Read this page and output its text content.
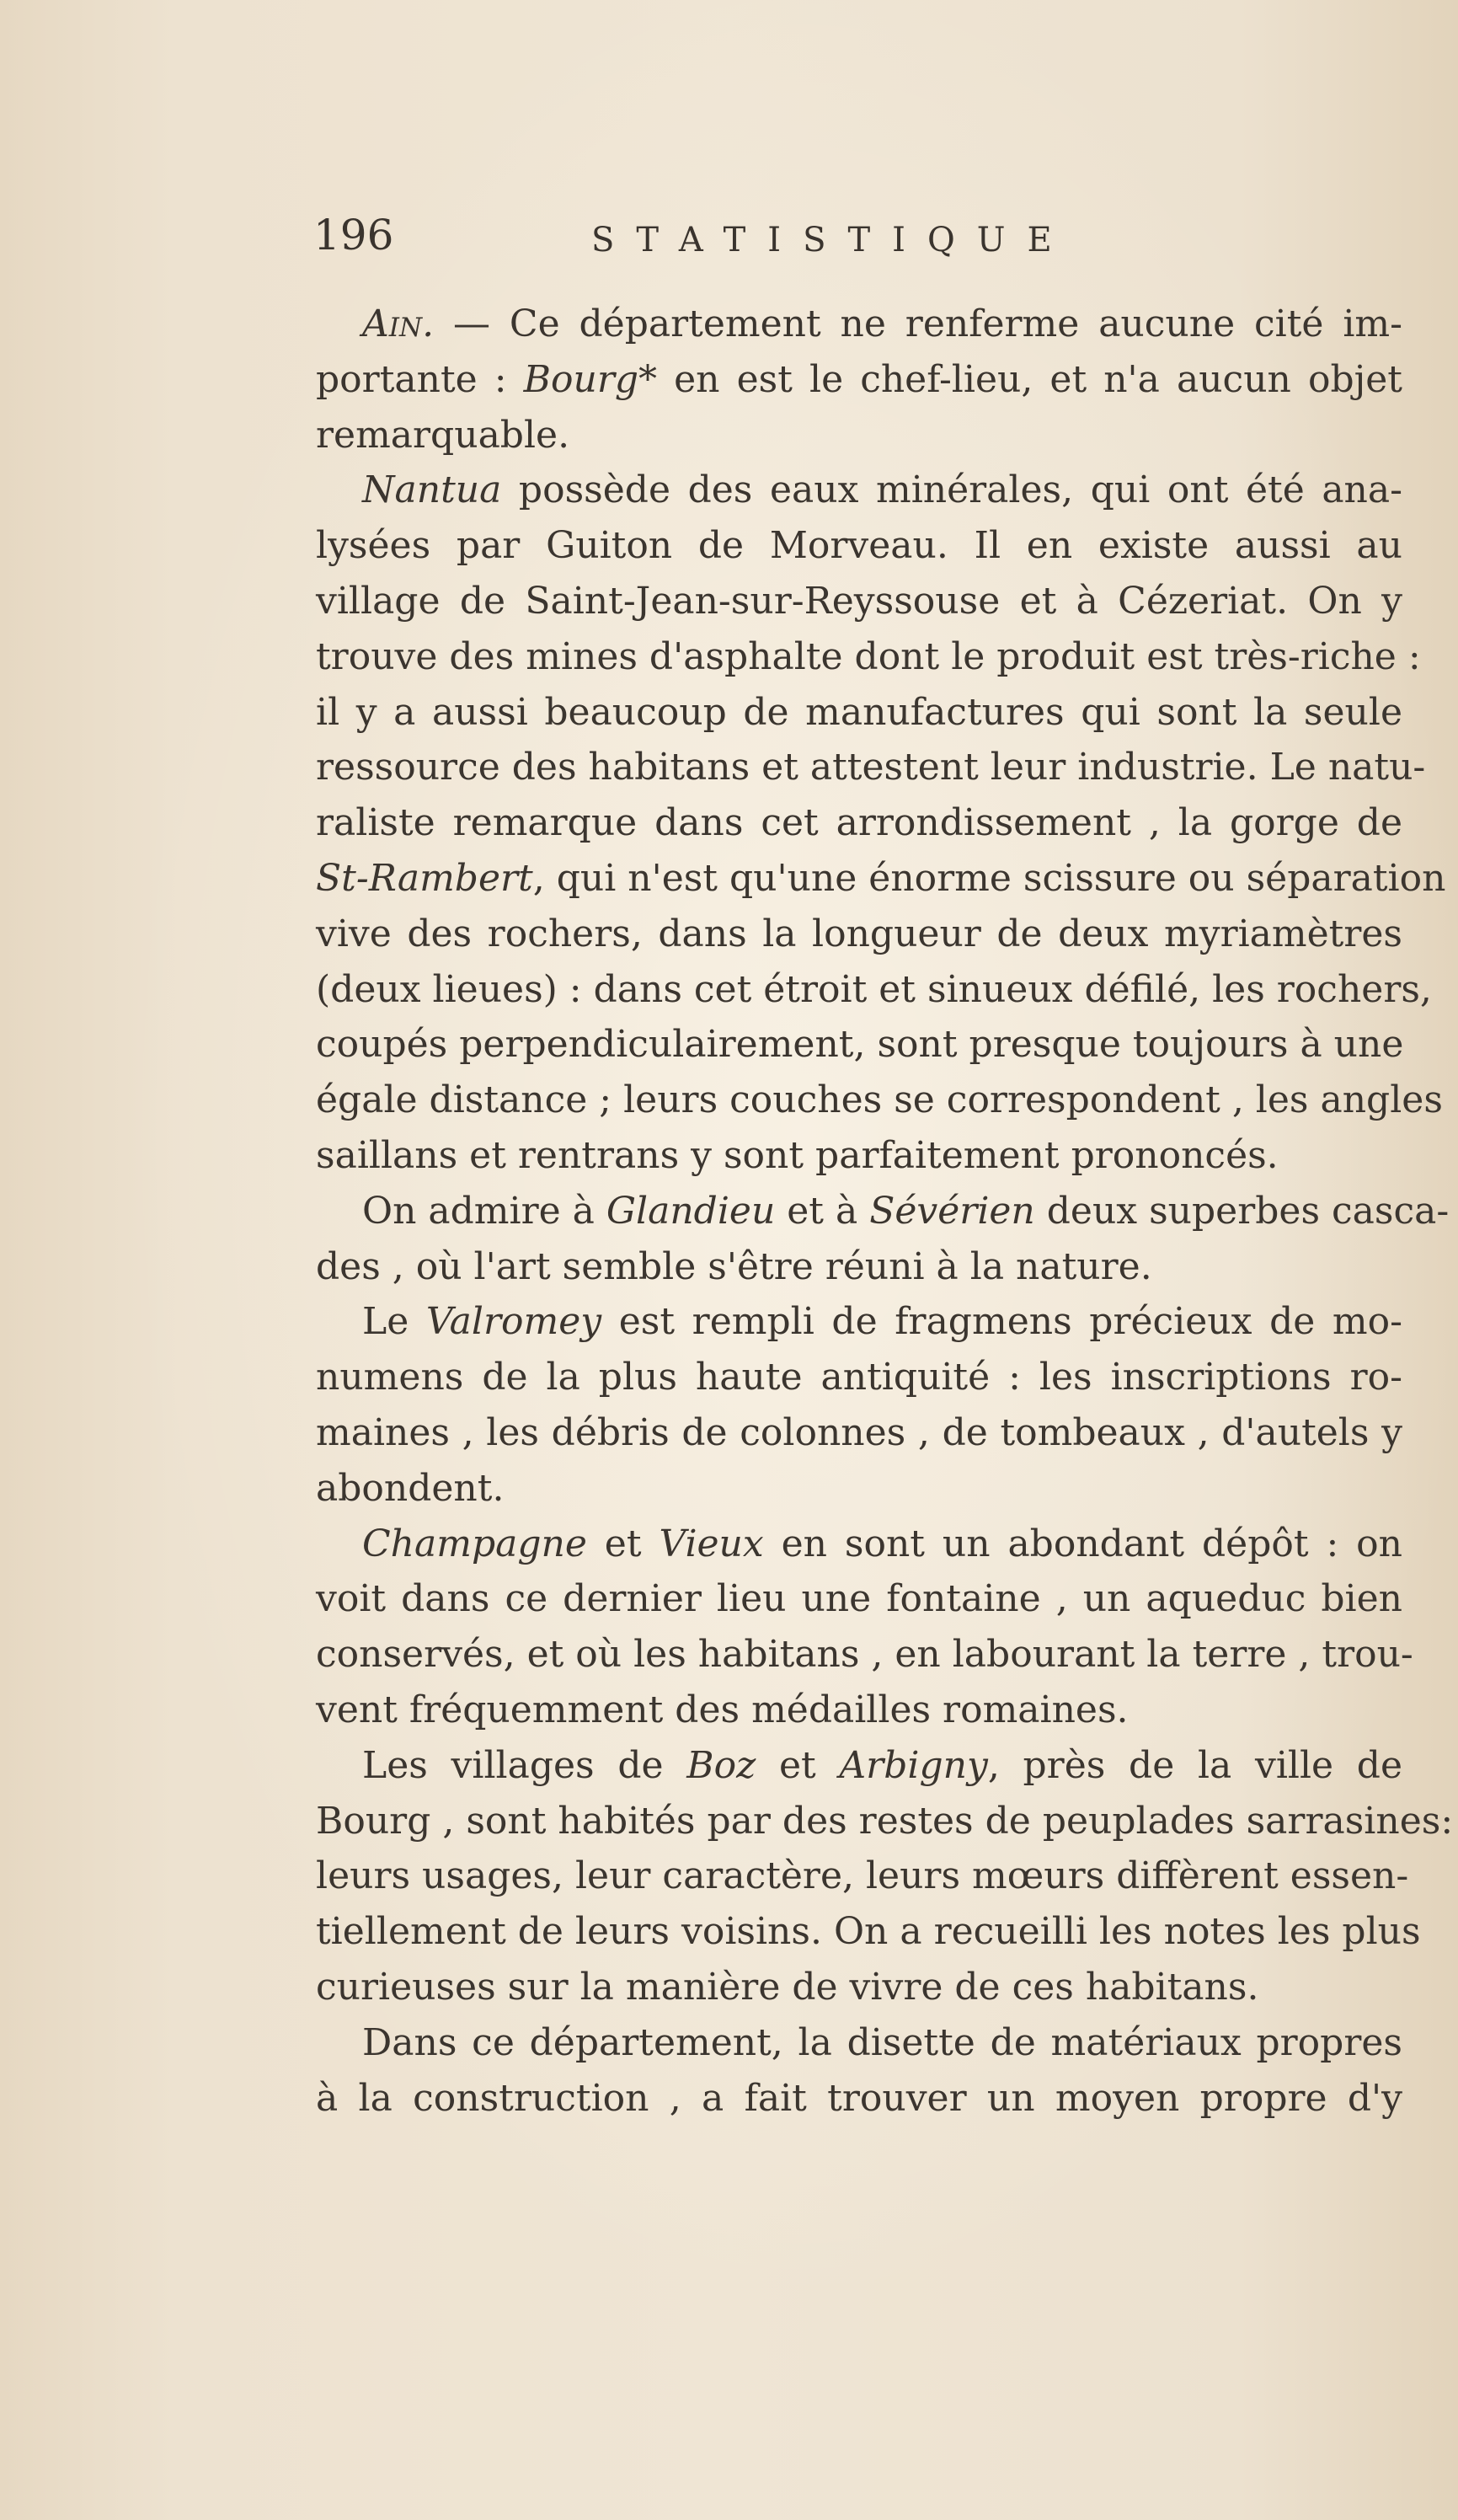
196	STATISTIQUE
Ain. — Ce département ne renferme aucune cité im-
portante : Bourg* en est le chef-lieu, et n'a aucun objet
remarquable.
Nantua possède des eaux minérales, qui ont été ana-
lysées par Guiton de Morveau. Il en existe aussi au
village de Saint-Jean-sur-Reyssouse et à Cézeriat. On y
trouve des mines d'asphalte dont le produit est très-riche :
il y a aussi beaucoup de manufactures qui sont la seule
ressource des habitans et attestent leur industrie. Le natu-
raliste remarque dans cet arrondissement , la gorge de
St-Rambert, qui n'est qu'une énorme scissure ou séparation
vive des rochers, dans la longueur de deux myriamètres
(deux lieues) : dans cet étroit et sinueux défilé, les rochers,
coupés perpendiculairement, sont presque toujours à une
égale distance ; leurs couches se correspondent , les angles
saillans et rentrans y sont parfaitement prononcés.
On admire à Glandieu et à Sévérien deux superbes casca-
des , où l'art semble s'être réuni à la nature.
Le Valromey est rempli de fragmens précieux de mo-
numens de la plus haute antiquité : les inscriptions ro-
maines , les débris de colonnes , de tombeaux , d'autels y
abondent.
Champagne et Vieux en sont un abondant dépôt : on
voit dans ce dernier lieu une fontaine , un aqueduc bien
conservés, et où les habitans , en labourant la terre , trou-
vent fréquemment des médailles romaines.
Les villages de Boz et Arbigny, près de la ville de
Bourg , sont habités par des restes de peuplades sarrasines:
leurs usages, leur caractère, leurs mœurs diffèrent essen-
tiellement de leurs voisins. On a recueilli les notes les plus
curieuses sur la manière de vivre de ces habitans.
Dans ce département, la disette de matériaux propres
à la construction , a fait trouver un moyen propre d'y
